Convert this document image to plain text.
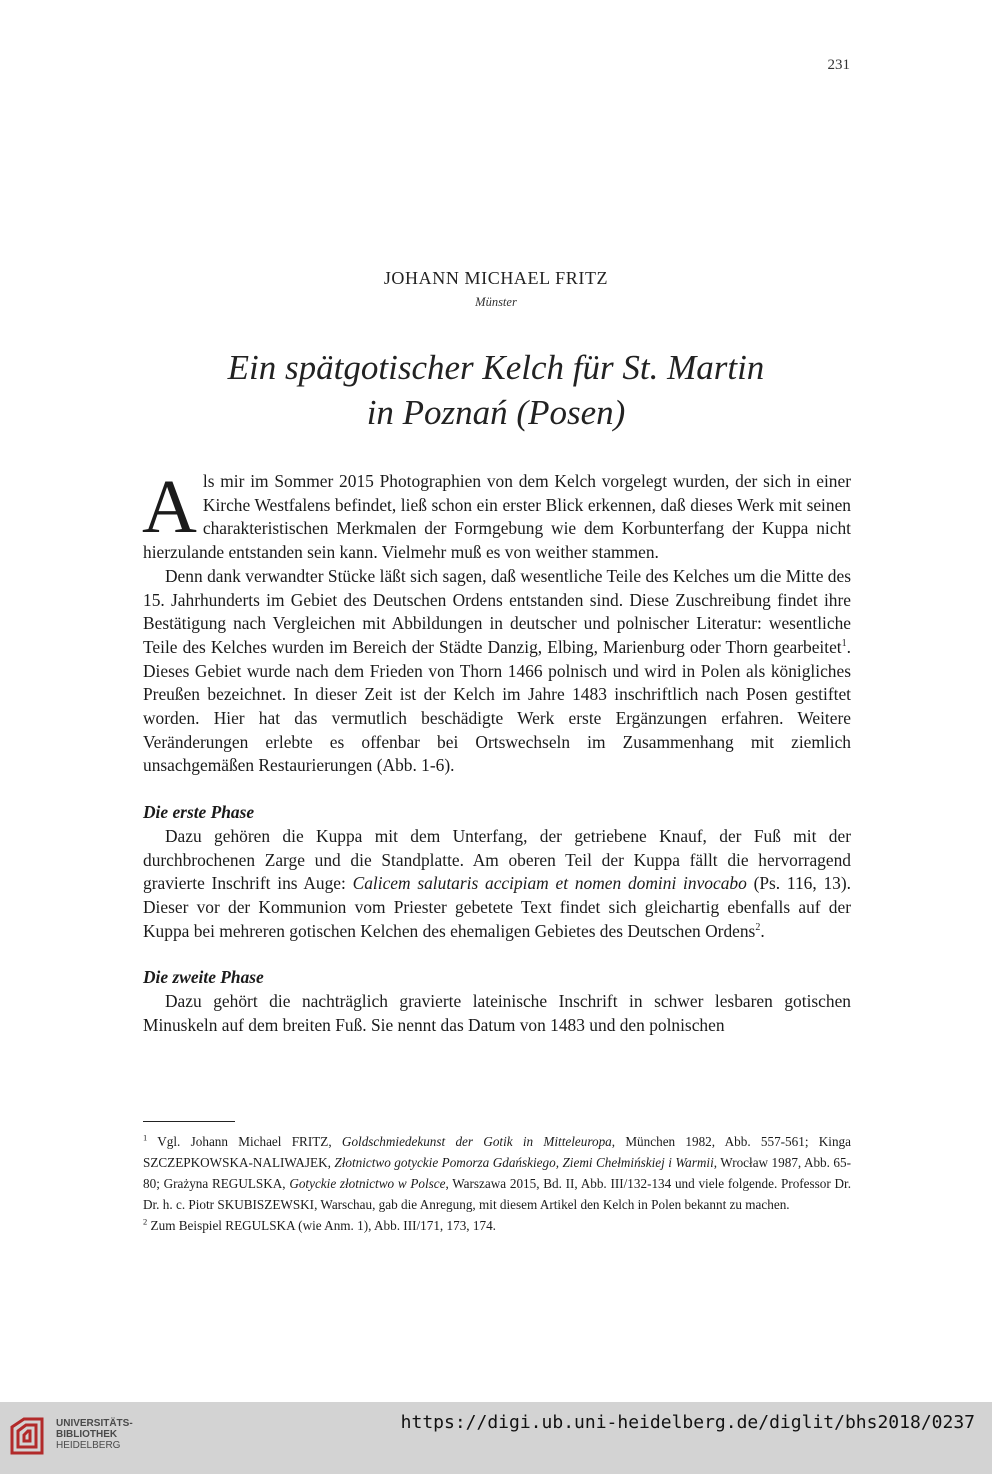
231
JOHANN MICHAEL FRITZ
Münster
Ein spätgotischer Kelch für St. Martin
in Poznań (Posen)

Als mir im Sommer 2015 Photographien von dem Kelch vorgelegt wurden, der sich in einer Kirche Westfalens befindet, ließ schon ein erster Blick erkennen, daß dieses Werk mit seinen charakteristischen Merkmalen der Formgebung wie dem Korbunterfang der Kuppa nicht hierzulande entstanden sein kann. Vielmehr muß es von weither stammen.

Denn dank verwandter Stücke läßt sich sagen, daß wesentliche Teile des Kelches um die Mitte des 15. Jahrhunderts im Gebiet des Deutschen Ordens entstanden sind. Diese Zuschreibung findet ihre Bestätigung nach Vergleichen mit Abbildungen in deutscher und polnischer Literatur: wesentliche Teile des Kelches wurden im Bereich der Städte Danzig, Elbing, Marienburg oder Thorn gearbeitet$^1$. Dieses Gebiet wurde nach dem Frieden von Thorn 1466 polnisch und wird in Polen als königliches Preußen bezeichnet. In dieser Zeit ist der Kelch im Jahre 1483 inschriftlich nach Posen gestiftet worden. Hier hat das vermutlich beschädigte Werk erste Ergänzungen erfahren. Weitere Veränderungen erlebte es offenbar bei Ortswechseln im Zusammenhang mit ziemlich unsachgemäßen Restaurierungen (Abb. 1-6).

Die erste Phase

Dazu gehören die Kuppa mit dem Unterfang, der getriebene Knauf, der Fuß mit der durchbrochenen Zarge und die Standplatte. Am oberen Teil der Kuppa fällt die hervorragend gravierte Inschrift ins Auge: Calicem salutaris accipiam et nomen domini invocabo (Ps. 116, 13). Dieser vor der Kommunion vom Priester gebetete Text findet sich gleichartig ebenfalls auf der Kuppa bei mehreren gotischen Kelchen des ehemaligen Gebietes des Deutschen Ordens$^2$.

Die zweite Phase

Dazu gehört die nachträglich gravierte lateinische Inschrift in schwer lesbaren gotischen Minuskeln auf dem breiten Fuß. Sie nennt das Datum von 1483 und den polnischen

$^1$ Vgl. Johann Michael FRITZ, Goldschmiedekunst der Gotik in Mitteleuropa, München 1982, Abb. 557-561; Kinga SZCZEPKOWSKA-NALIWAJEK, Złotnictwo gotyckie Pomorza Gdańskiego, Ziemi Chełmińskiej i Warmii, Wrocław 1987, Abb. 65-80; Grażyna REGULSKA, Gotyckie złotnictwo w Polsce, Warszawa 2015, Bd. II, Abb. III/132-134 und viele folgende. Professor Dr. Dr. h. c. Piotr SKUBISZEWSKI, Warschau, gab die Anregung, mit diesem Artikel den Kelch in Polen bekannt zu machen.

$^2$ Zum Beispiel REGULSKA (wie Anm. 1), Abb. III/171, 173, 174.

UNIVERSITÄTS-
BIBLIOTHEK
HEIDELBERG
https://digi.ub.uni-heidelberg.de/diglit/bhs2018/0237
